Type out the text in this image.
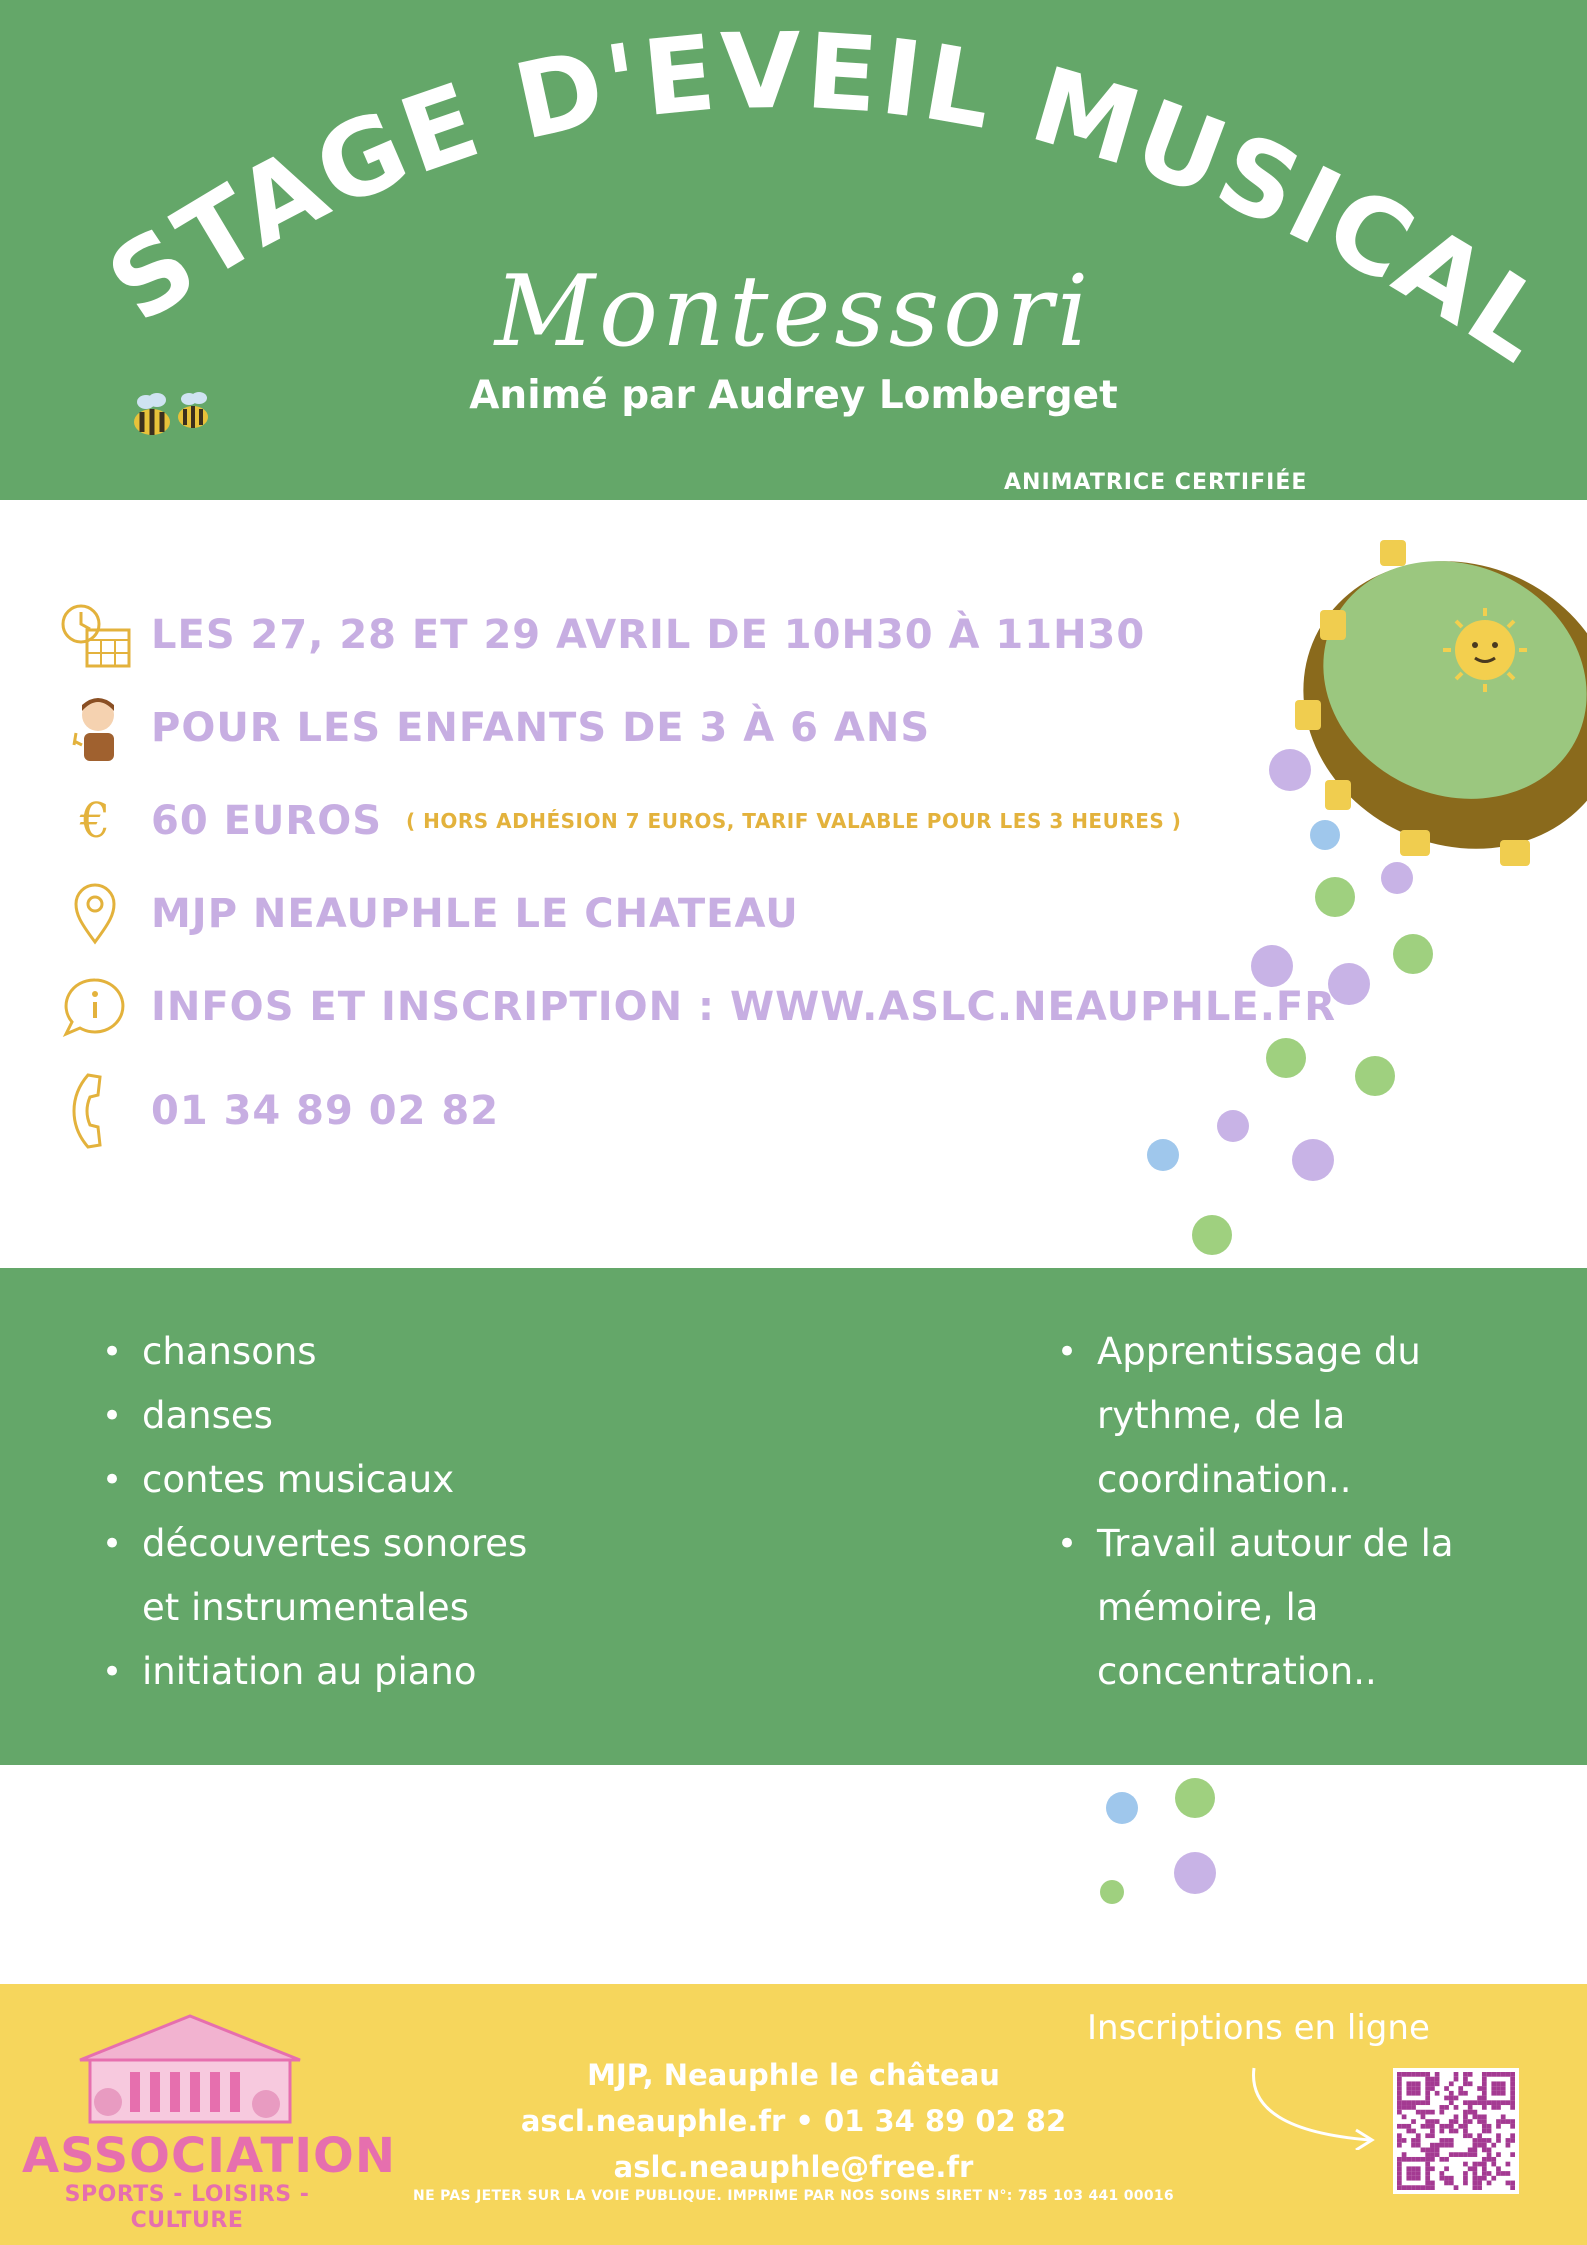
STAGE D'EVEIL MUSICAL
Montessori
Animé par Audrey Lomberget
ANIMATRICE CERTIFIÉE
LES 27, 28 ET 29 AVRIL DE 10H30 À 11H30
POUR LES ENFANTS DE 3 À 6 ANS
€ 60 EUROS ( HORS ADHÉSION 7 EUROS, TARIF VALABLE POUR LES 3 HEURES )
MJP NEAUPHLE LE CHATEAU
INFOS ET INSCRIPTION : WWW.ASLC.NEAUPHLE.FR
01 34 89 02 82
• chansons
• danses
• contes musicaux
• découvertes sonores
et instrumentales
• initiation au piano
• Apprentissage du
rythme, de la
coordination..
• Travail autour de la
mémoire, la
concentration..
ASSOCIATION
SPORTS - LOISIRS - CULTURE
MJP, Neauphle le château
ascl.neauphle.fr • 01 34 89 02 82
aslc.neauphle@free.fr
NE PAS JETER SUR LA VOIE PUBLIQUE. IMPRIME PAR NOS SOINS SIRET N°: 785 103 441 00016
Inscriptions en ligne
